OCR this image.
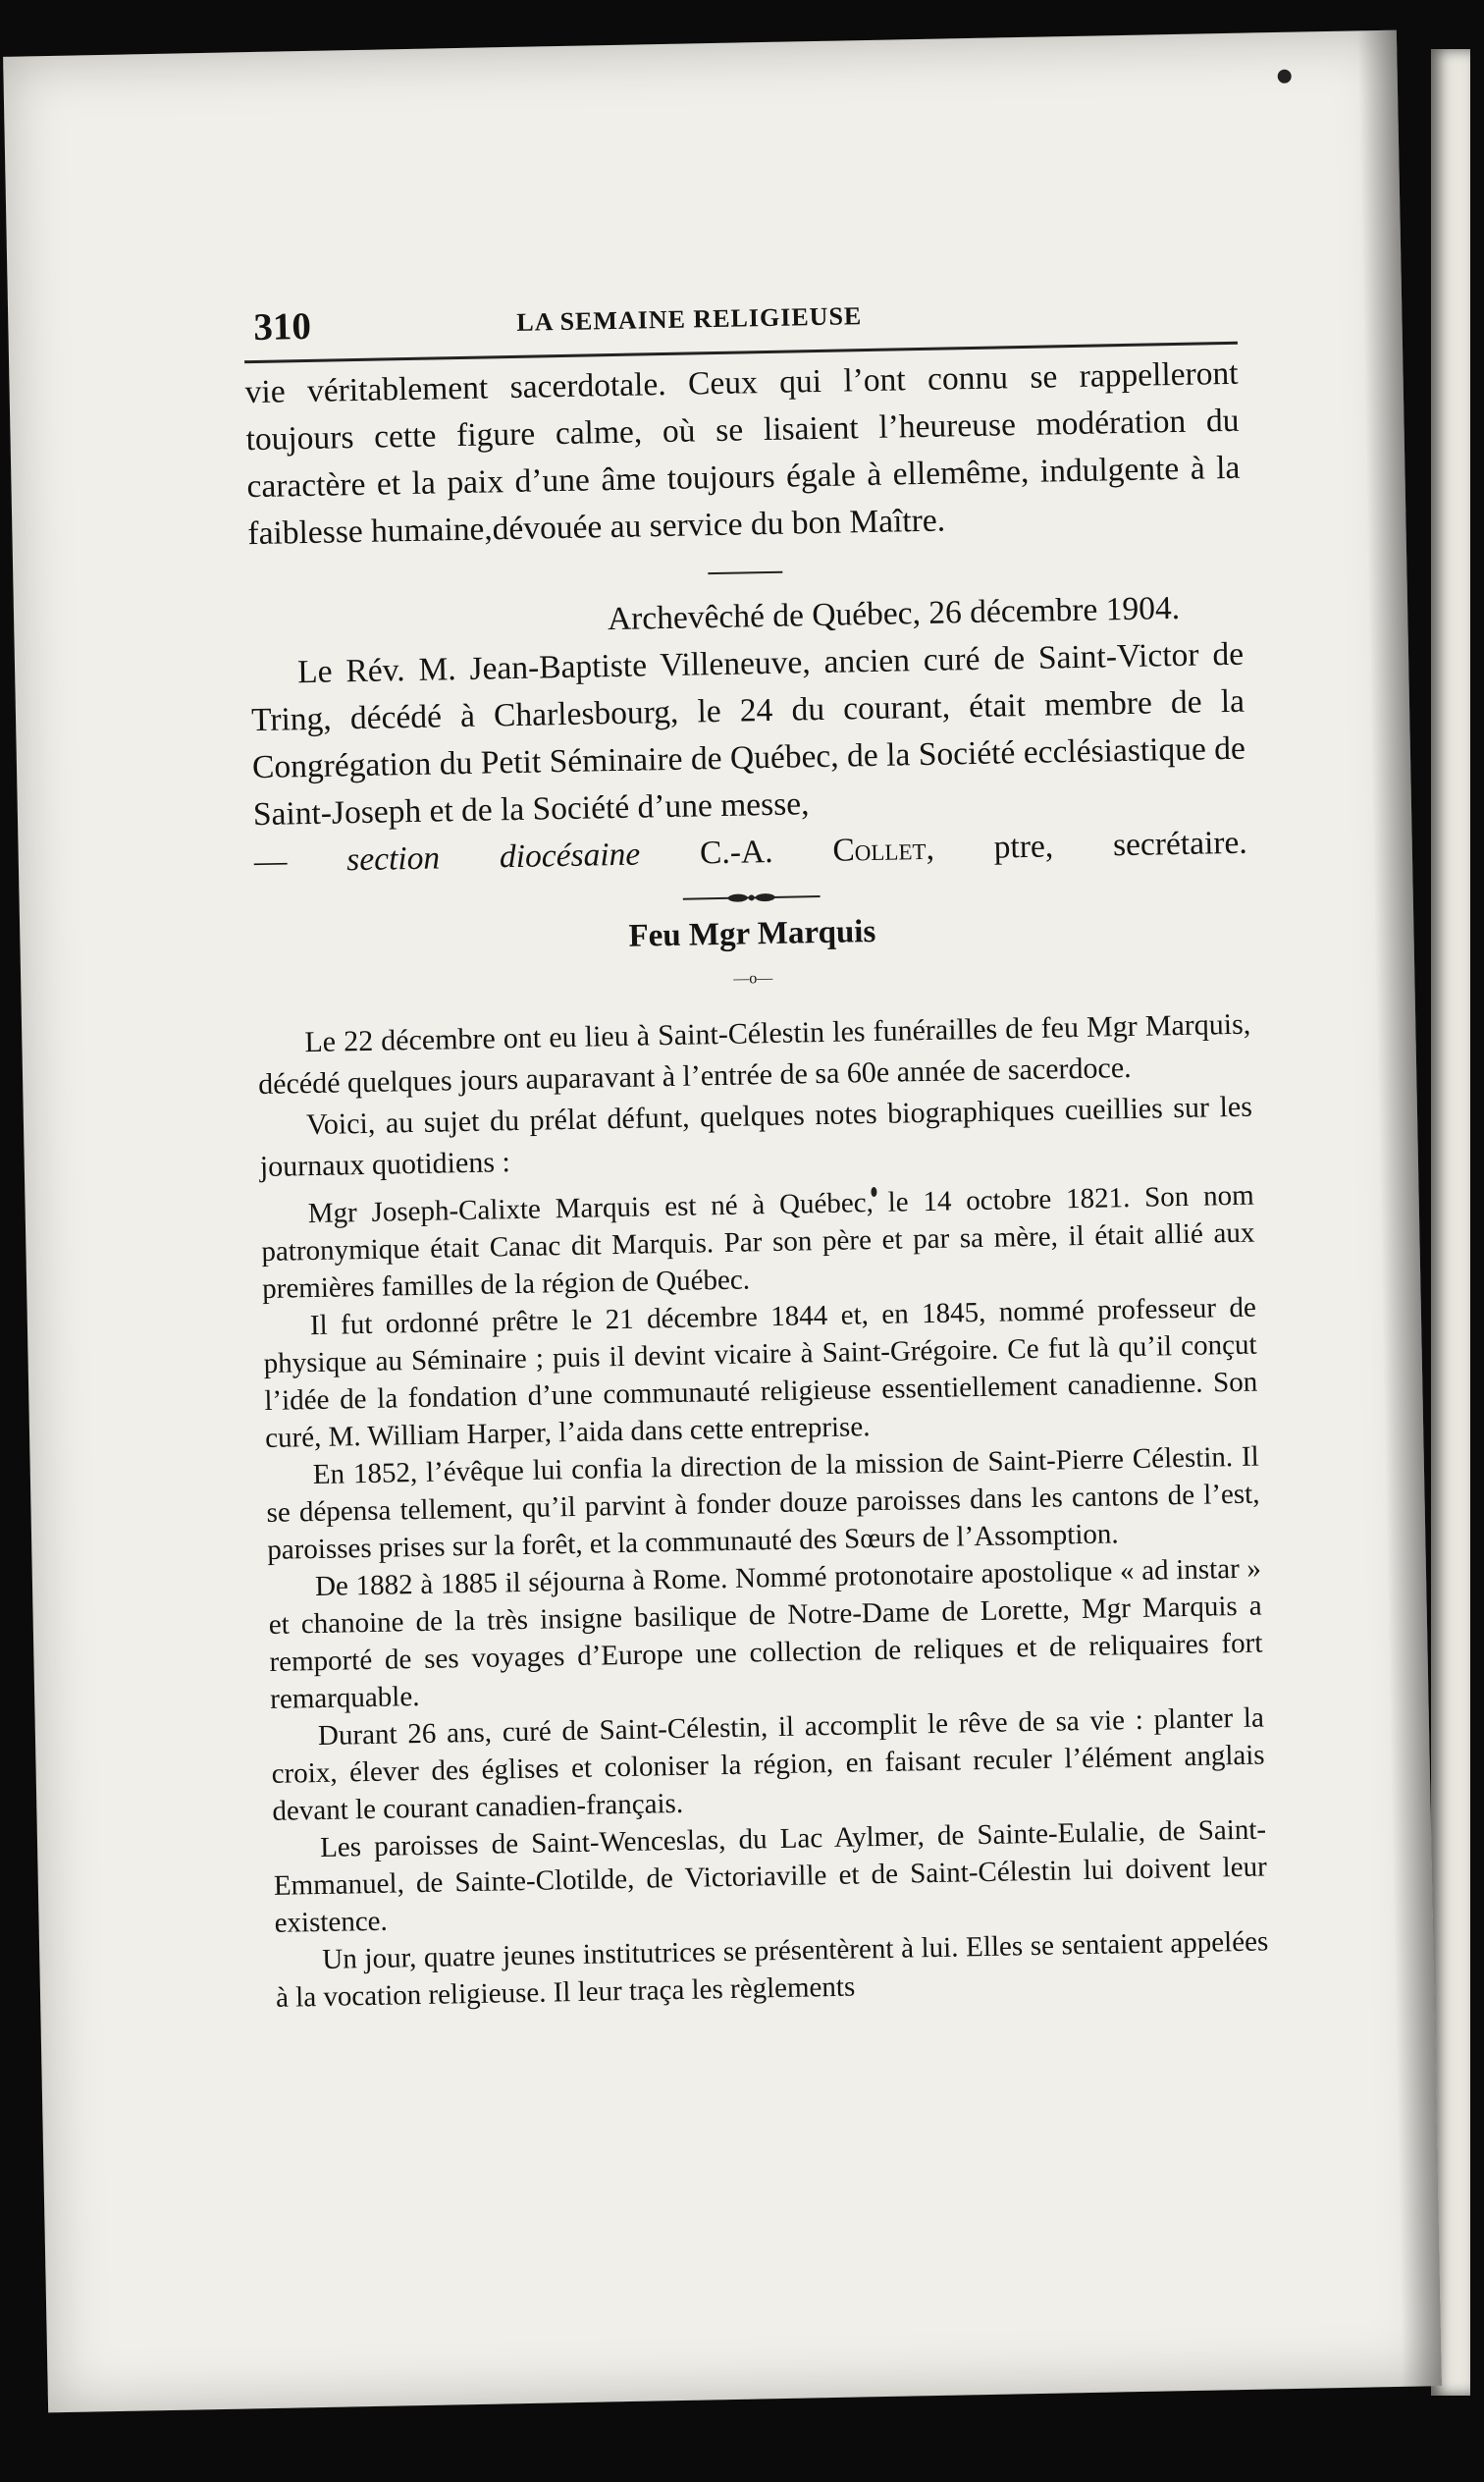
310	LA SEMAINE RELIGIEUSE

vie véritablement sacerdotale. Ceux qui l’ont connu se rappelleront toujours cette figure calme, où se lisaient l’heureuse modération du caractère et la paix d’une âme toujours égale à ellemême, indulgente à la faiblesse humaine,dévouée au service du bon Maître.

Archevêché de Québec, 26 décembre 1904.

Le Rév. M. Jean-Baptiste Villeneuve, ancien curé de Saint-Victor de Tring, décédé à Charlesbourg, le 24 du courant, était membre de la Congrégation du Petit Séminaire de Québec, de la Société ecclésiastique de Saint-Joseph et de la Société d’une messe,

— section diocésaine C.-A. Collet, ptre, secrétaire.
Feu Mgr Marquis
—o—

Le 22 décembre ont eu lieu à Saint-Célestin les funérailles de feu Mgr Marquis, décédé quelques jours auparavant à l’entrée de sa 60e année de sacerdoce.

Voici, au sujet du prélat défunt, quelques notes biographiques cueillies sur les journaux quotidiens :

Mgr Joseph-Calixte Marquis est né à Québec, le 14 octobre 1821. Son nom patronymique était Canac dit Marquis. Par son père et par sa mère, il était allié aux premières familles de la région de Québec.

Il fut ordonné prêtre le 21 décembre 1844 et, en 1845, nommé professeur de physique au Séminaire ; puis il devint vicaire à Saint-Grégoire. Ce fut là qu’il conçut l’idée de la fondation d’une communauté religieuse essentiellement canadienne. Son curé, M. William Harper, l’aida dans cette entreprise.

En 1852, l’évêque lui confia la direction de la mission de Saint-Pierre Célestin. Il se dépensa tellement, qu’il parvint à fonder douze paroisses dans les cantons de l’est, paroisses prises sur la forêt, et la communauté des Sœurs de l’Assomption.

De 1882 à 1885 il séjourna à Rome. Nommé protonotaire apostolique « ad instar » et chanoine de la très insigne basilique de Notre-Dame de Lorette, Mgr Marquis a remporté de ses voyages d’Europe une collection de reliques et de reliquaires fort remarquable.

Durant 26 ans, curé de Saint-Célestin, il accomplit le rêve de sa vie : planter la croix, élever des églises et coloniser la région, en faisant reculer l’élément anglais devant le courant canadien-français.

Les paroisses de Saint-Wenceslas, du Lac Aylmer, de Sainte-Eulalie, de Saint-Emmanuel, de Sainte-Clotilde, de Victoriaville et de Saint-Célestin lui doivent leur existence.

Un jour, quatre jeunes institutrices se présentèrent à lui. Elles se sentaient appelées à la vocation religieuse. Il leur traça les règlements
